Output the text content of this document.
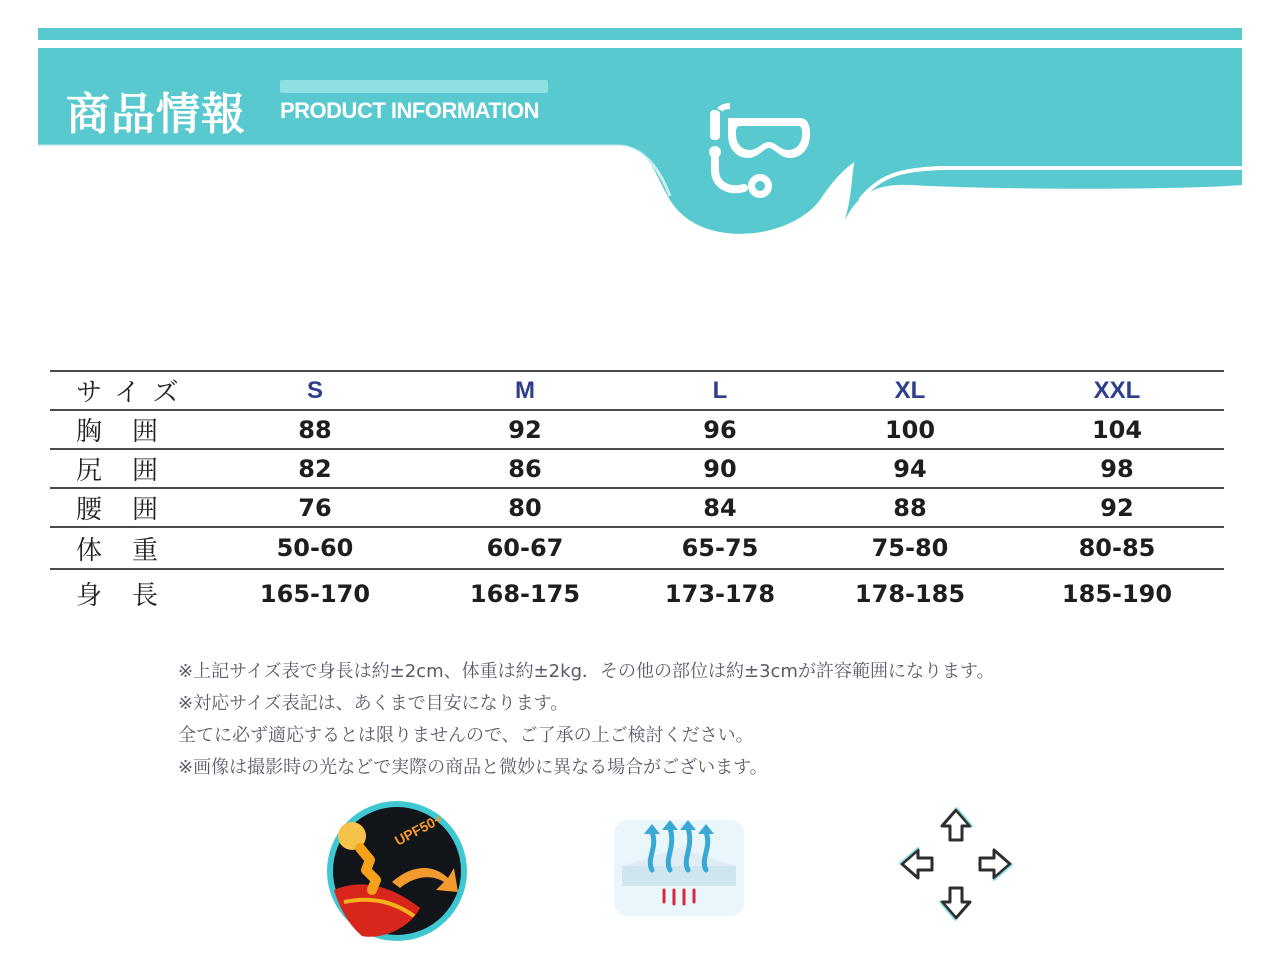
商品情報 PRODUCT INFORMATION
サ イ ズ	S	M	L	XL	XXL
胸　囲	88	92	96	100	104
尻　囲	82	86	90	94	98
腰　囲	76	80	84	88	92
体　重	50-60	60-67	65-75	75-80	80-85
身　長	165-170	168-175	173-178	178-185	185-190
※上記サイズ表で身長は約±2cm、体重は約±2kg．その他の部位は約±3cmが許容範囲になります。
※対応サイズ表記は、あくまで目安になります。
全てに必ず適応するとは限りませんので、ご了承の上ご検討ください。
※画像は撮影時の光などで実際の商品と微妙に異なる場合がございます。
UPF50+
